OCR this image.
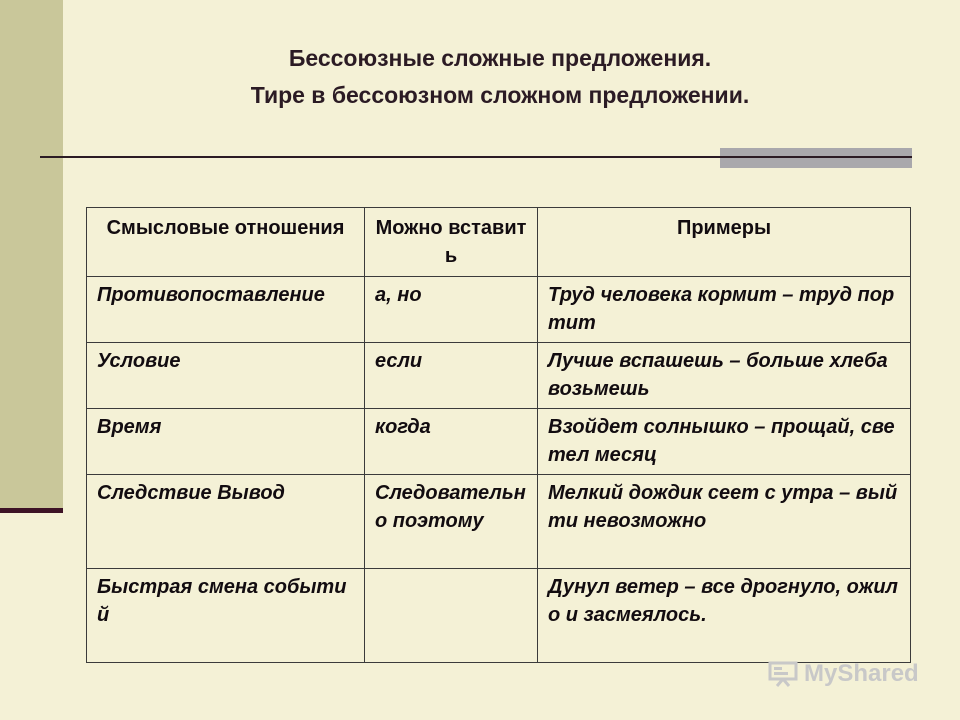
Бессоюзные сложные предложения.
Тире в бессоюзном сложном предложении.
Смысловые отношения	Можно вставить	Примеры
Противопоставление	а, но	Труд человека кормит – труд портит
Условие	если	Лучше вспашешь – больше хлеба возьмешь
Время	когда	Взойдет солнышко – прощай, светел месяц
Следствие Вывод	Следовательно поэтому	Мелкий дождик сеет с утра – выйти невозможно
Быстрая смена событий		Дунул ветер – все дрогнуло, ожило и засмеялось.
MyShared
